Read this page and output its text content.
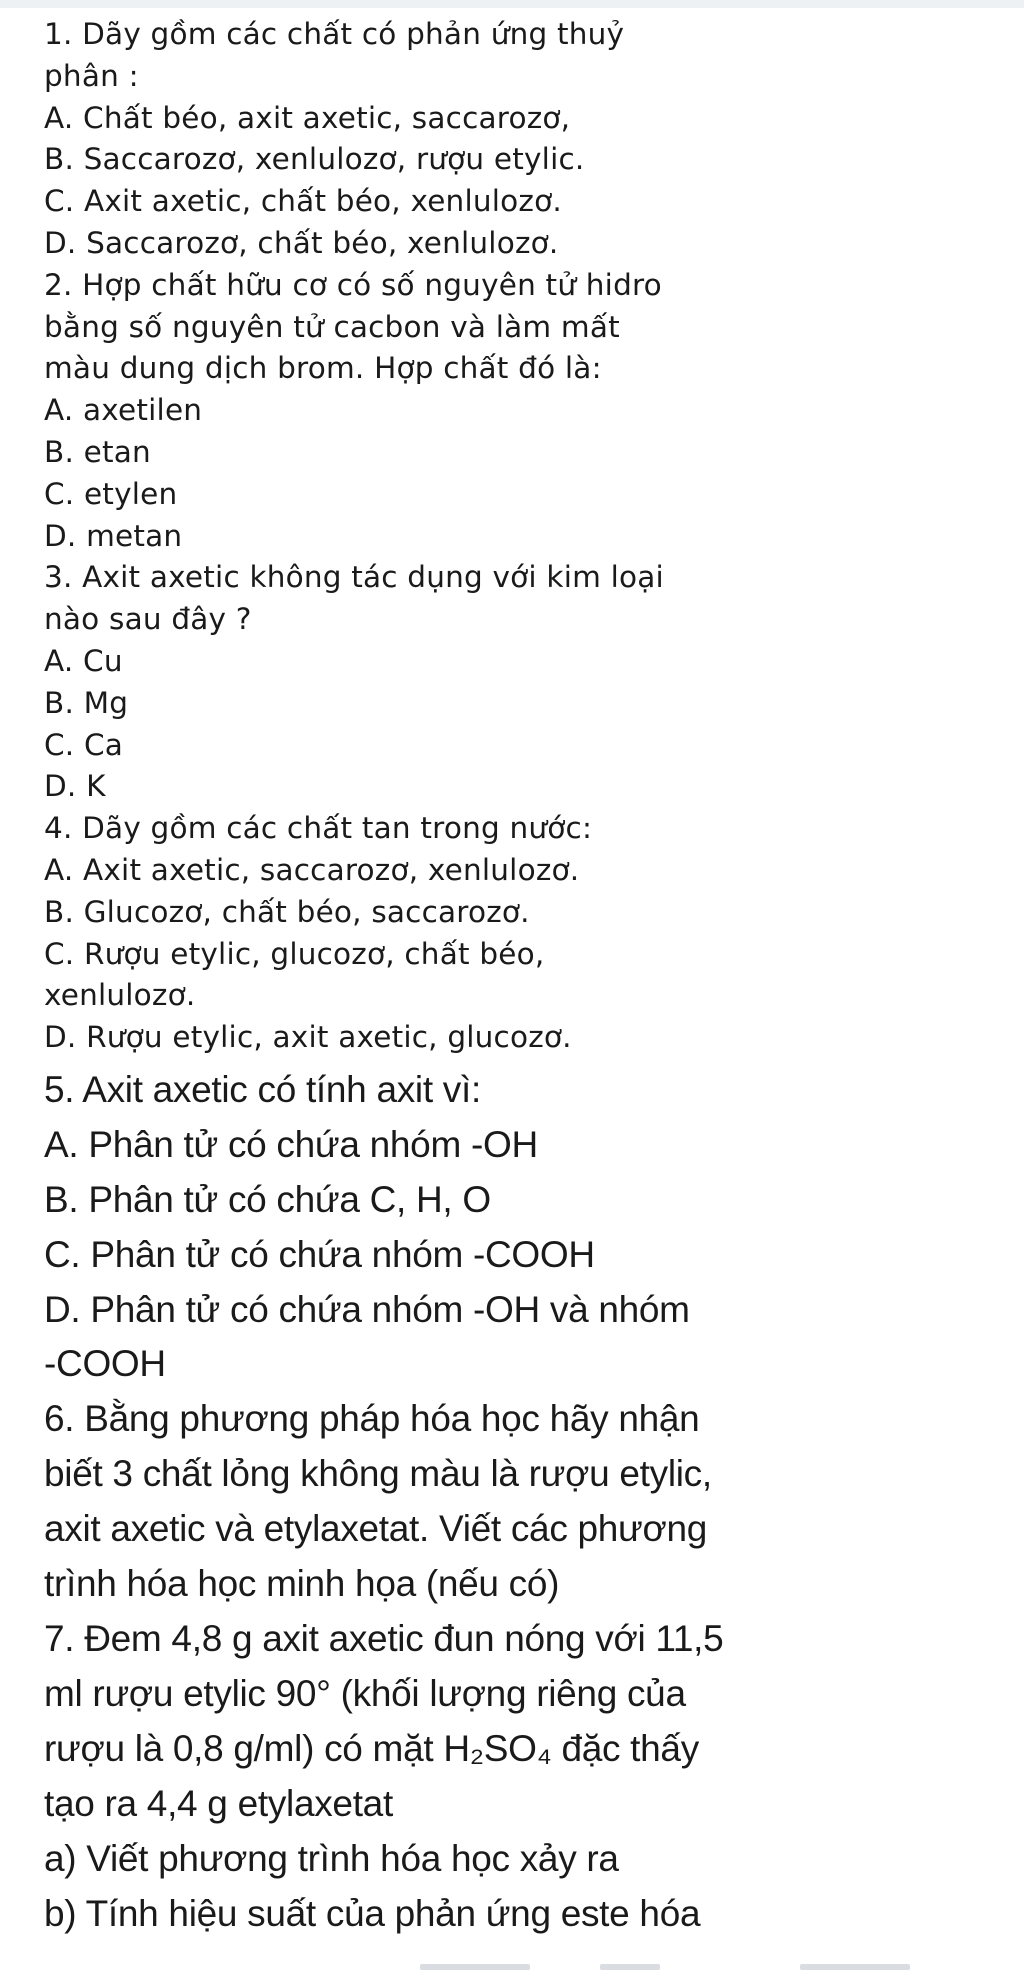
1. Dãy gồm các chất có phản ứng thuỷ
phân :
A. Chất béo, axit axetic, saccarozơ,
B. Saccarozơ, xenlulozơ, rượu etylic.
C. Axit axetic, chất béo, xenlulozơ.
D. Saccarozơ, chất béo, xenlulozơ.
2. Hợp chất hữu cơ có số nguyên tử hidro
bằng số nguyên tử cacbon và làm mất
màu dung dịch brom. Hợp chất đó là:
A. axetilen
B. etan
C. etylen
D. metan
3. Axit axetic không tác dụng với kim loại
nào sau đây ?
A. Cu
B. Mg
C. Ca
D. K
4. Dãy gồm các chất tan trong nước:
A. Axit axetic, saccarozơ, xenlulozơ.
B. Glucozơ, chất béo, saccarozơ.
C. Rượu etylic, glucozơ, chất béo,
xenlulozơ.
D. Rượu etylic, axit axetic, glucozơ.
5. Axit axetic có tính axit vì:
A. Phân tử có chứa nhóm -OH
B. Phân tử có chứa C, H, O
C. Phân tử có chứa nhóm -COOH
D. Phân tử có chứa nhóm -OH và nhóm
-COOH
6. Bằng phương pháp hóa học hãy nhận
biết 3 chất lỏng không màu là rượu etylic,
axit axetic và etylaxetat. Viết các phương
trình hóa học minh họa (nếu có)
7. Đem 4,8 g axit axetic đun nóng với 11,5
ml rượu etylic 90° (khối lượng riêng của
rượu là 0,8 g/ml) có mặt H₂SO₄ đặc thấy
tạo ra 4,4 g etylaxetat
a) Viết phương trình hóa học xảy ra
b) Tính hiệu suất của phản ứng este hóa
